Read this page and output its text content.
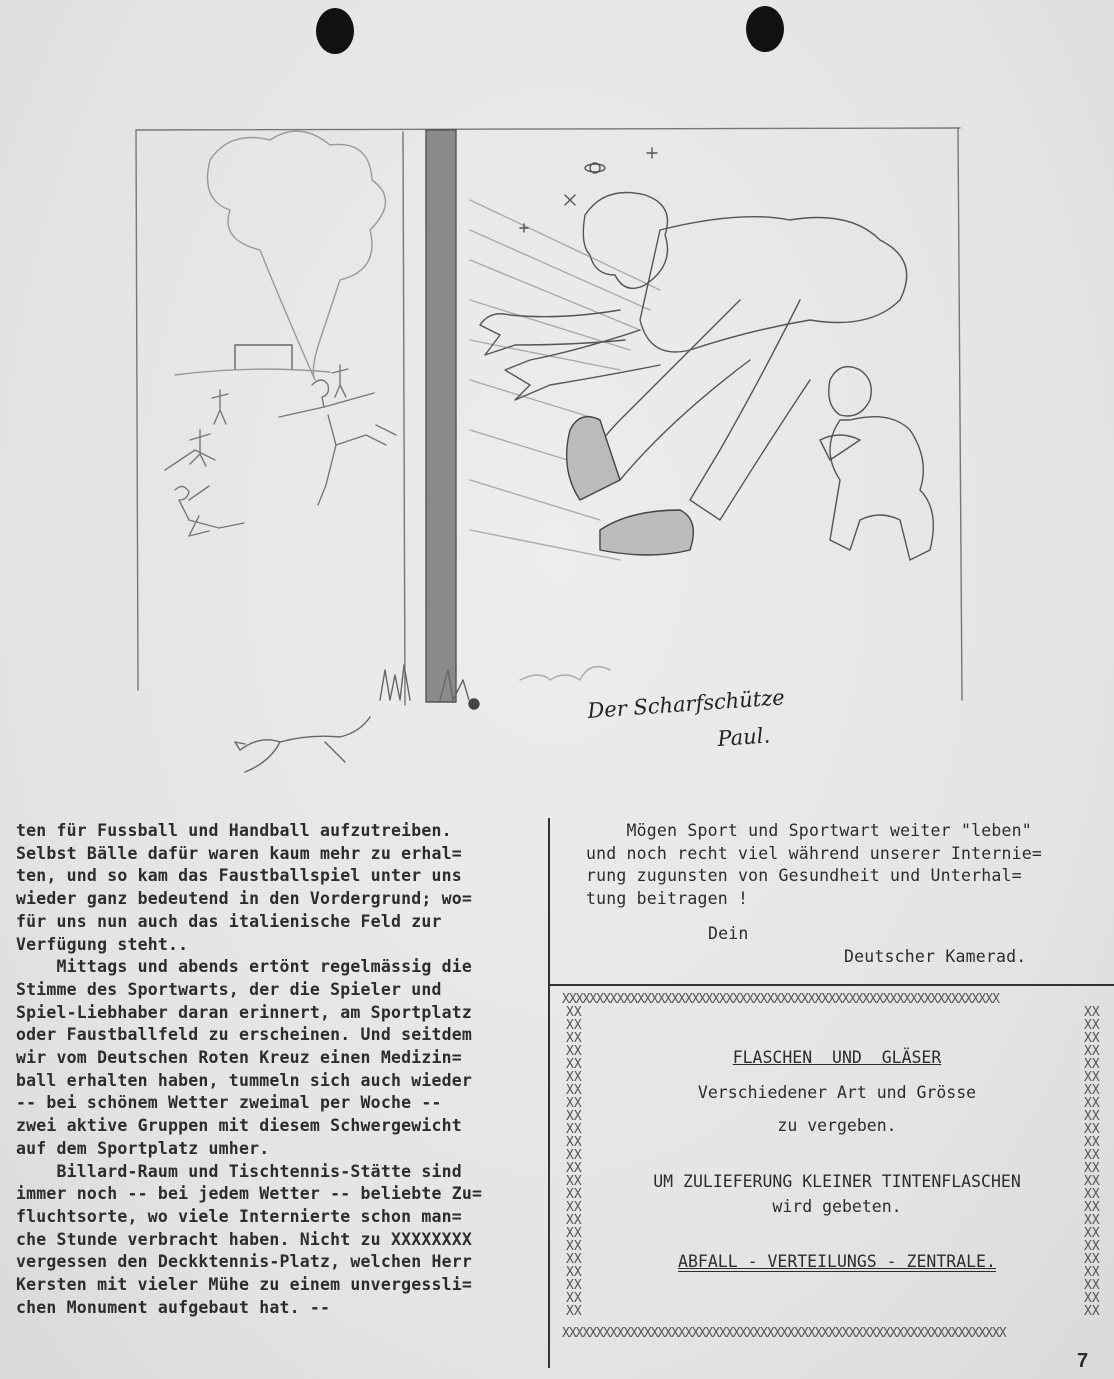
Der Scharfschütze
Paul.

ten für Fussball und Handball aufzutreiben.

Selbst Bälle dafür waren kaum mehr zu erhal=

ten, und so kam das Faustballspiel unter uns

wieder ganz bedeutend in den Vordergrund; wo=

für uns nun auch das italienische Feld zur

Verfügung steht..

Mittags und abends ertönt regelmässig die

Stimme des Sportwarts, der die Spieler und

Spiel-Liebhaber daran erinnert, am Sportplatz

oder Faustballfeld zu erscheinen. Und seitdem

wir vom Deutschen Roten Kreuz einen Medizin=

ball erhalten haben, tummeln sich auch wieder

-- bei schönem Wetter zweimal per Woche --

zwei aktive Gruppen mit diesem Schwergewicht

auf dem Sportplatz umher.

Billard-Raum und Tischtennis-Stätte sind

immer noch -- bei jedem Wetter -- beliebte Zu=

fluchtsorte, wo viele Internierte schon man=

che Stunde verbracht haben. Nicht zu XXXXXXXX

vergessen den Deckktennis-Platz, welchen Herr

Kersten mit vieler Mühe zu einem unvergessli=

chen Monument aufgebaut hat. --

Mögen Sport und Sportwart weiter "leben"

und noch recht viel während unserer Internie=

rung zugunsten von Gesundheit und Unterhal=

tung beitragen !

Dein

Deutscher Kamerad.

XXXXXXXXXXXXXXXXXXXXXXXXXXXXXXXXXXXXXXXXXXXXXXXXXXXXXXXXXXXXXXXX
XXXXXXXXXXXXXXXXXXXXXXXXXXXXXXXXXXXXXXXXXXXXXXXXXXXXXXXXXXXXXXXXX
XX
XX
XX
XX
XX
XX
XX
XX
XX
XX
XX
XX
XX
XX
XX
XX
XX
XX
XX
XX
XX
XX
XX
XX
XX
XX
XX
XX
XX
XX
XX
XX
XX
XX
XX
XX
XX
XX
XX
XX
XX
XX
XX
XX
XX
XX
XX
XX
FLASCHEN  UND  GLÄSER
Verschiedener Art und Grösse
zu vergeben.
UM ZULIEFERUNG KLEINER TINTENFLASCHEN
wird gebeten.
ABFALL - VERTEILUNGS - ZENTRALE.
7
